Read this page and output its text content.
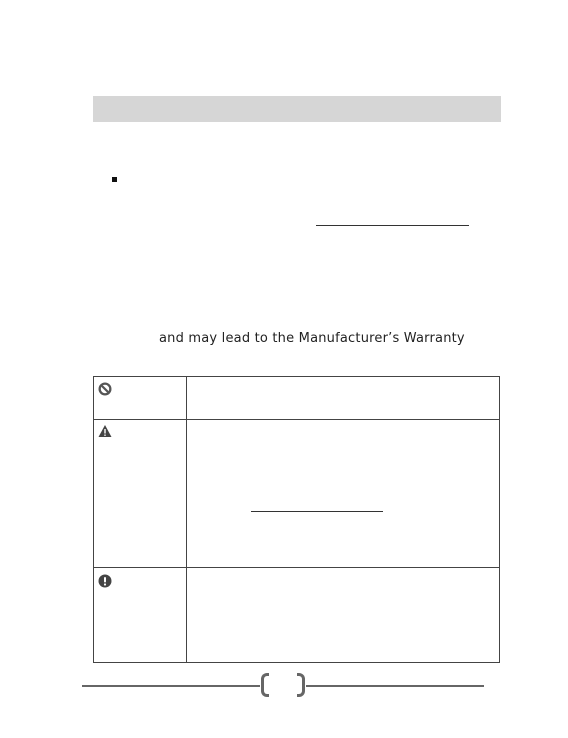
and may lead to the Manufacturer’s Warranty
